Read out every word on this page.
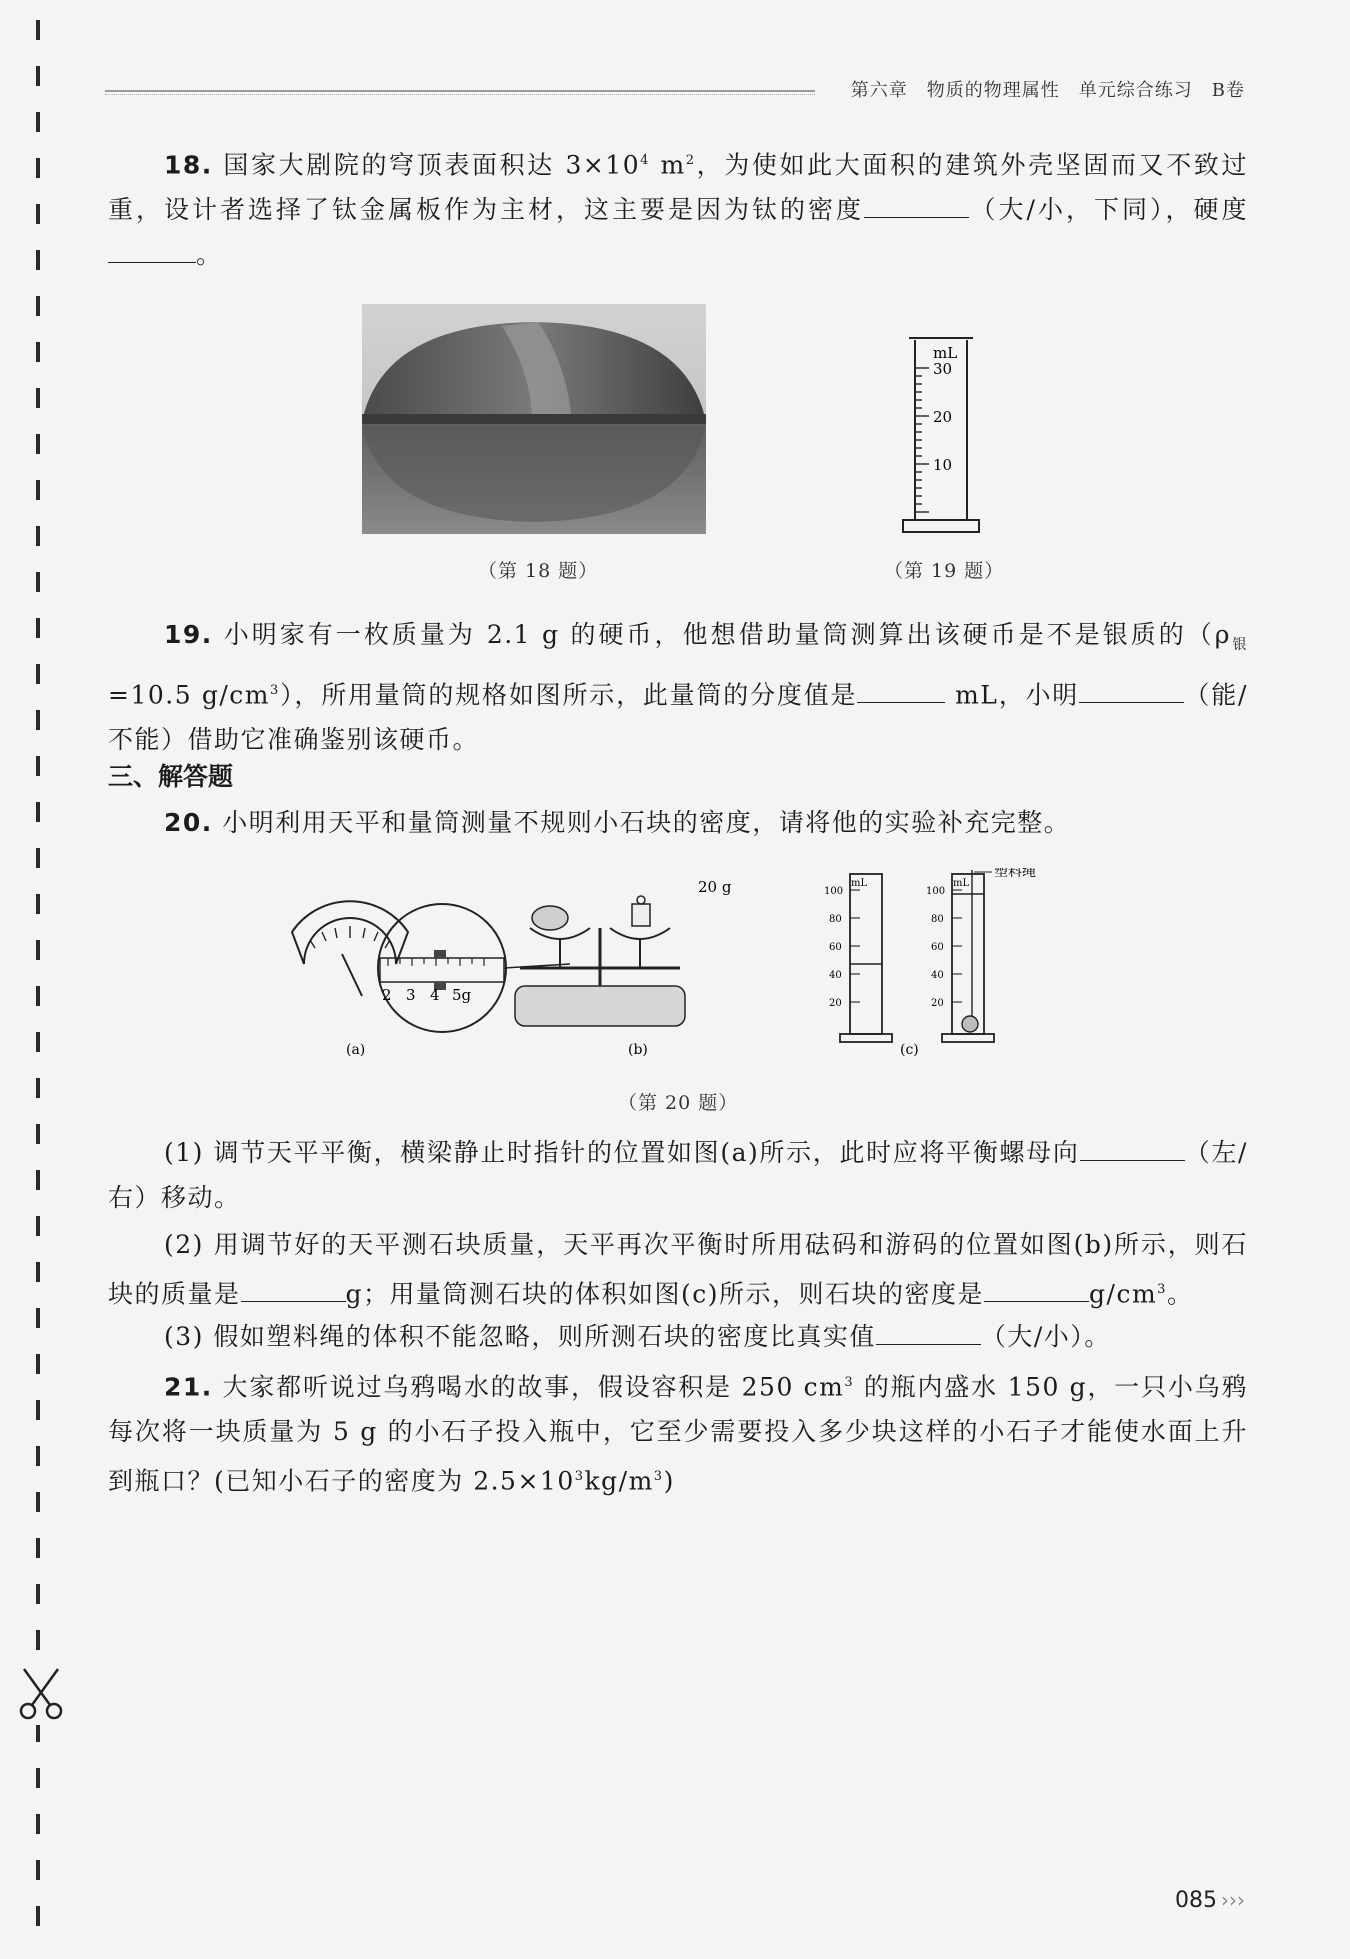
第六章　物质的物理属性　单元综合练习　B卷
18. 国家大剧院的穹顶表面积达 $3\times 10^4$ $m^2$，为使如此大面积的建筑外壳坚固而又不致过重，设计者选择了钛金属板作为主材，这主要是因为钛的密度	（大/小，下同），硬度。
（第 18 题）
mL
30
20
10
（第 19 题）
19. 小明家有一枚质量为 2.1 g 的硬币，他想借助量筒测算出该硬币是不是银质的（$\rho_银=10.5$ $g/cm^3$），所用量筒的规格如图所示，此量筒的分度值是	mL，小明	（能/不能）借助它准确鉴别该硬币。
三、解答题
20. 小明利用天平和量筒测量不规则小石块的密度，请将他的实验补充完整。
(a)
2 3 4 5g
20 g
(b)
mL
100
80
60
40
20
mL
100
80
60
40
20
塑料绳
(c)
（第 20 题）
(1) 调节天平平衡，横梁静止时指针的位置如图(a)所示，此时应将平衡螺母向	（左/右）移动。
(2) 用调节好的天平测石块质量，天平再次平衡时所用砝码和游码的位置如图(b)所示，则石块的质量是	g；用量筒测石块的体积如图(c)所示，则石块的密度是	$g/cm^3$。
(3) 假如塑料绳的体积不能忽略，则所测石块的密度比真实值	（大/小）。
21. 大家都听说过乌鸦喝水的故事，假设容积是 250 $cm^3$ 的瓶内盛水 150 g，一只小乌鸦每次将一块质量为 5 g 的小石子投入瓶中，它至少需要投入多少块这样的小石子才能使水面上升到瓶口？(已知小石子的密度为 $2.5\times 10^3kg/m^3$)
085 ›››
